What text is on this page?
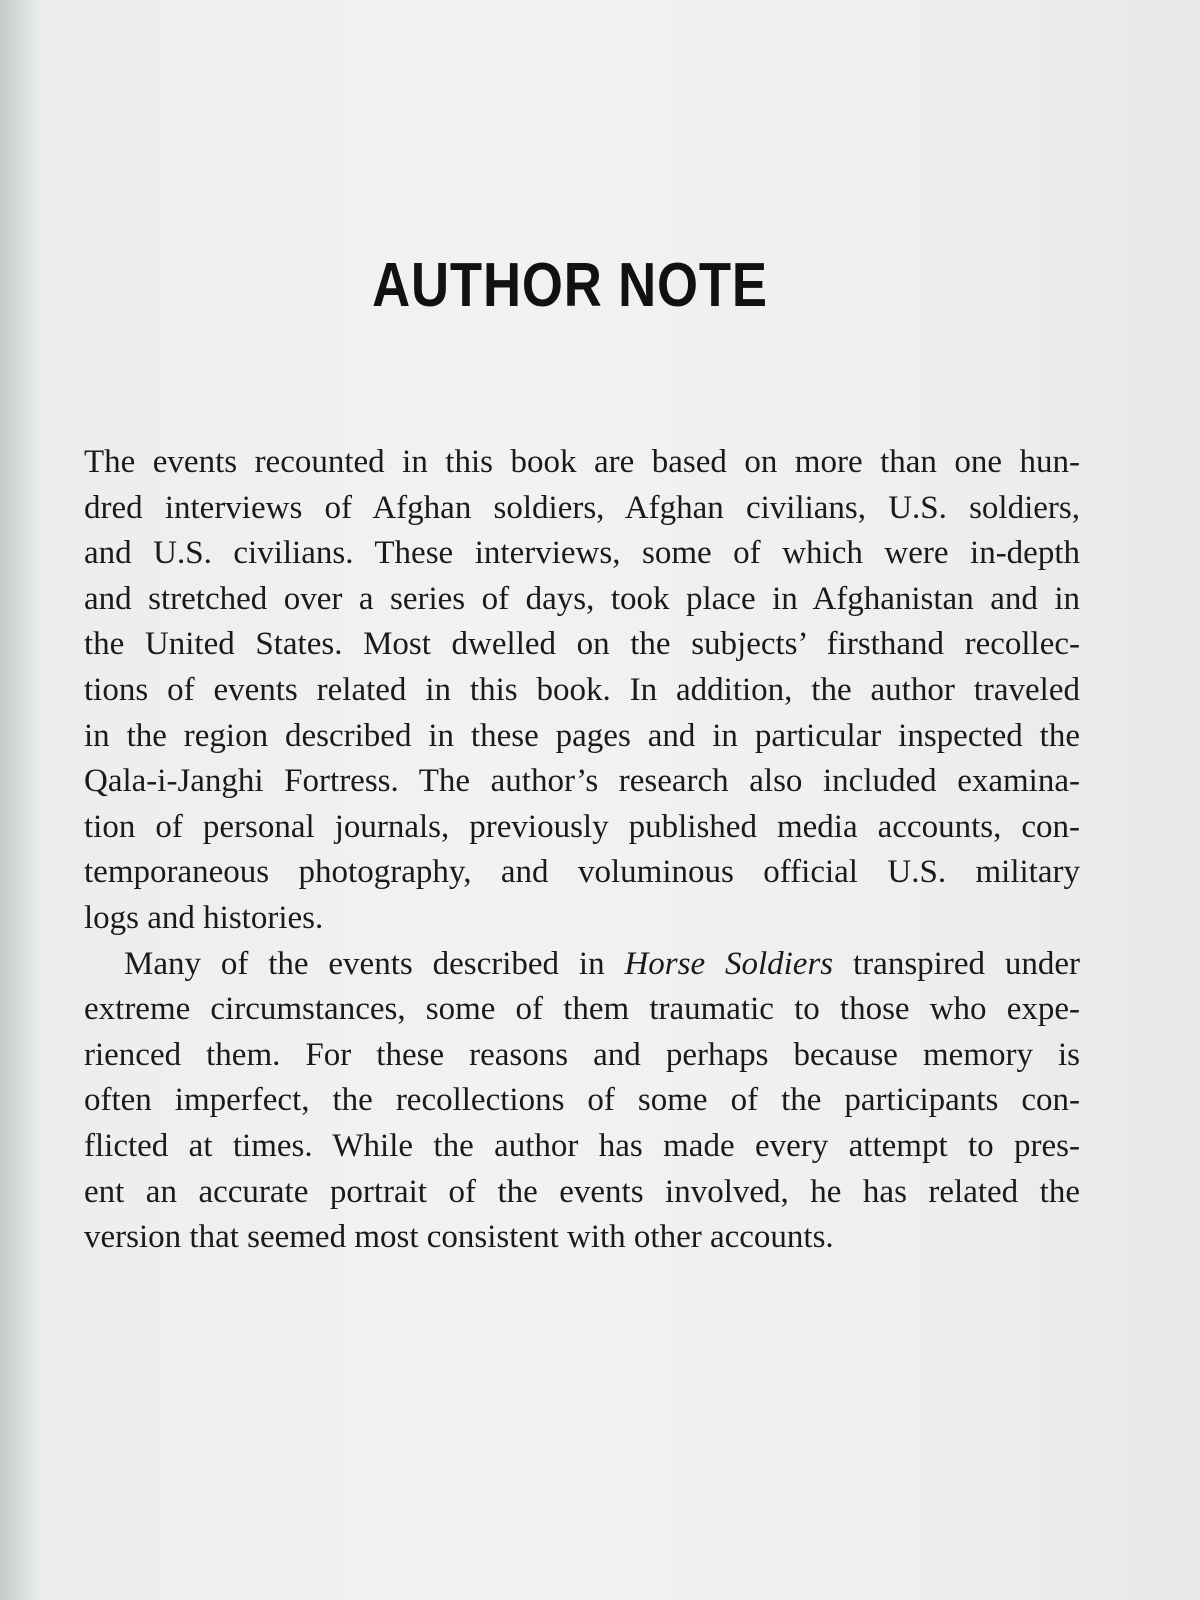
AUTHOR NOTE

The events recounted in this book are based on more than one hun-
dred interviews of Afghan soldiers, Afghan civilians, U.S. soldiers,
and U.S. civilians. These interviews, some of which were in-depth
and stretched over a series of days, took place in Afghanistan and in
the United States. Most dwelled on the subjects’ firsthand recollec-
tions of events related in this book. In addition, the author traveled
in the region described in these pages and in particular inspected the
Qala-i-Janghi Fortress. The author’s research also included examina-
tion of personal journals, previously published media accounts, con-
temporaneous photography, and voluminous official U.S. military
logs and histories.

Many of the events described in Horse Soldiers transpired under
extreme circumstances, some of them traumatic to those who expe-
rienced them. For these reasons and perhaps because memory is
often imperfect, the recollections of some of the participants con-
flicted at times. While the author has made every attempt to pres-
ent an accurate portrait of the events involved, he has related the
version that seemed most consistent with other accounts.
